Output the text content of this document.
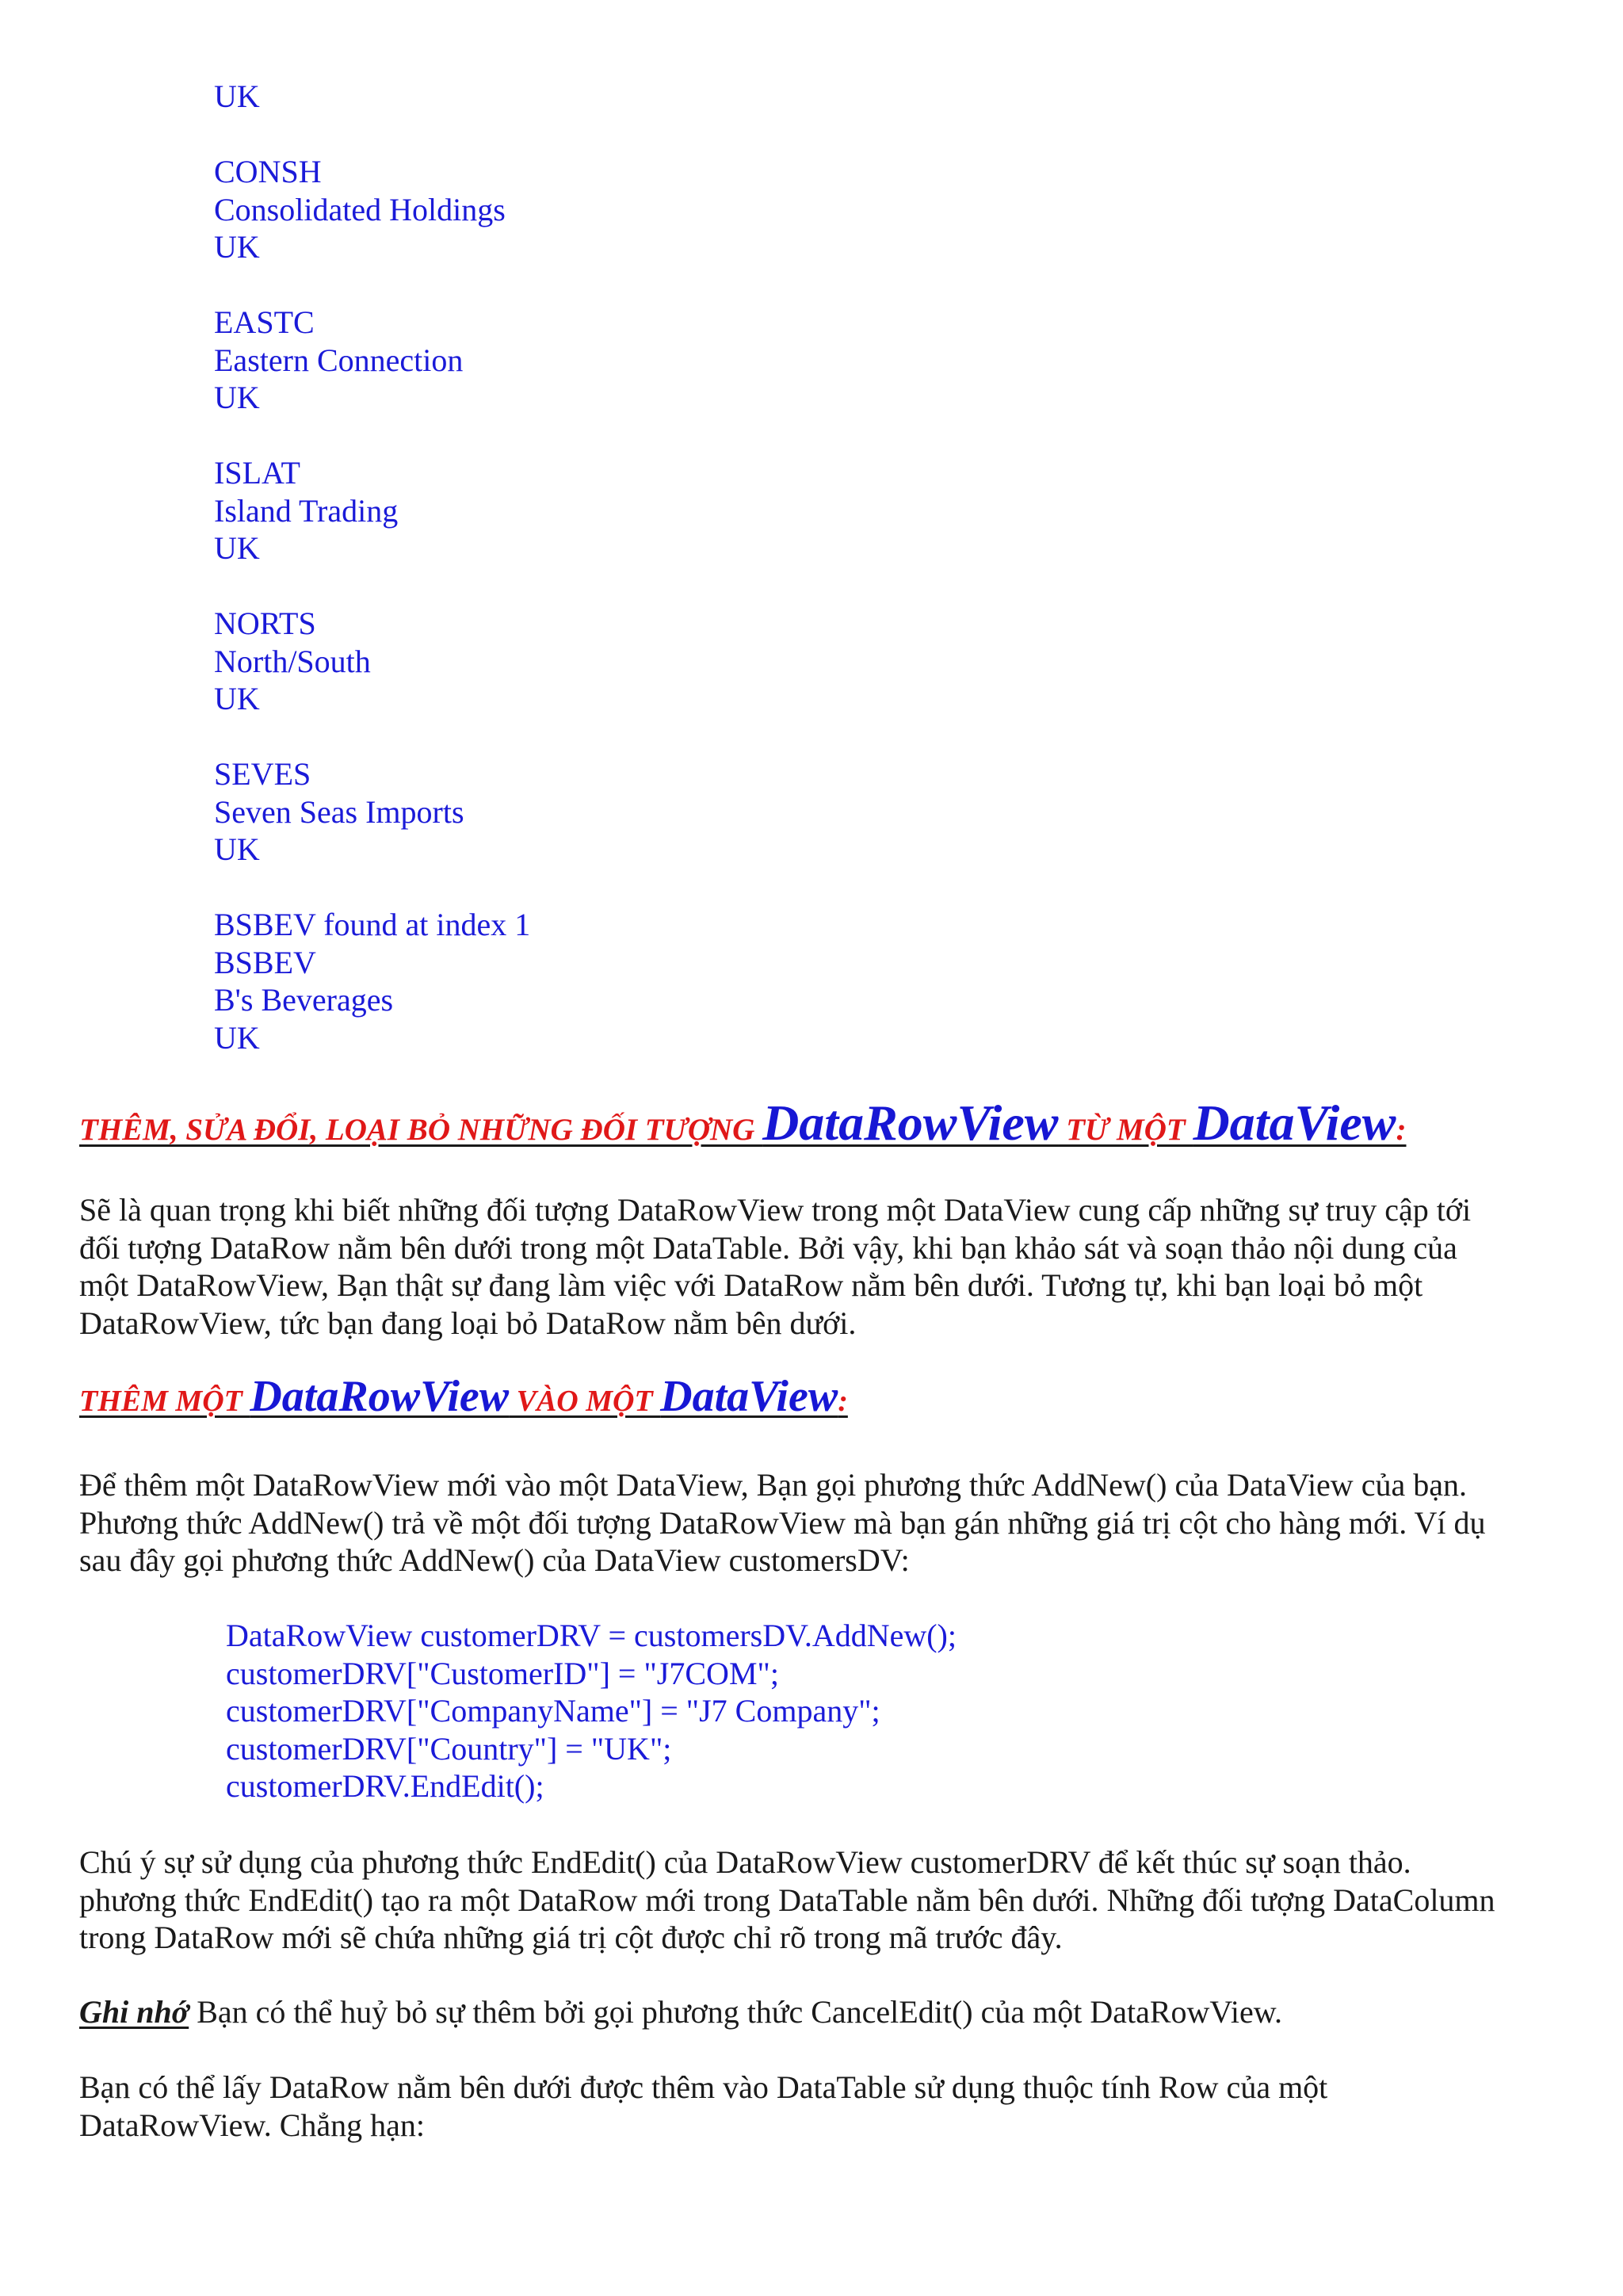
UK
CONSH
Consolidated Holdings
UK
EASTC
Eastern Connection
UK
ISLAT
Island Trading
UK
NORTS
North/South
UK
SEVES
Seven Seas Imports
UK
BSBEV found at index 1
BSBEV
B's Beverages
UK
THÊM, SỬA ĐỔI, LOẠI BỎ NHỮNG ĐỐI TƯỢNG DataRowView TỪ MỘT DataView:
Sẽ là quan trọng khi biết những đối tượng DataRowView trong một DataView cung cấp những sự truy cập tới
đối tượng DataRow nằm bên dưới trong một DataTable. Bởi vậy, khi bạn khảo sát và soạn thảo nội dung của
một DataRowView, Bạn thật sự đang làm việc với DataRow nằm bên dưới. Tương tự, khi bạn loại bỏ một
DataRowView, tức bạn đang loại bỏ DataRow nằm bên dưới.
THÊM MỘT DataRowView VÀO MỘT DataView:
Để thêm một DataRowView mới vào một DataView, Bạn gọi phương thức AddNew() của DataView của bạn.
Phương thức AddNew() trả về một đối tượng DataRowView mà bạn gán những giá trị cột cho hàng mới. Ví dụ
sau đây gọi phương thức AddNew() của DataView customersDV:
DataRowView customerDRV = customersDV.AddNew();
customerDRV["CustomerID"] = "J7COM";
customerDRV["CompanyName"] = "J7 Company";
customerDRV["Country"] = "UK";
customerDRV.EndEdit();
Chú ý sự sử dụng của phương thức EndEdit() của DataRowView customerDRV để kết thúc sự soạn thảo.
phương thức EndEdit() tạo ra một DataRow mới trong DataTable nằm bên dưới. Những đối tượng DataColumn
trong DataRow mới sẽ chứa những giá trị cột được chỉ rõ trong mã trước đây.
Ghi nhớ Bạn có thể huỷ bỏ sự thêm bởi gọi phương thức CancelEdit() của một DataRowView.
Bạn có thể lấy DataRow nằm bên dưới được thêm vào DataTable sử dụng thuộc tính Row của một
DataRowView. Chẳng hạn:
